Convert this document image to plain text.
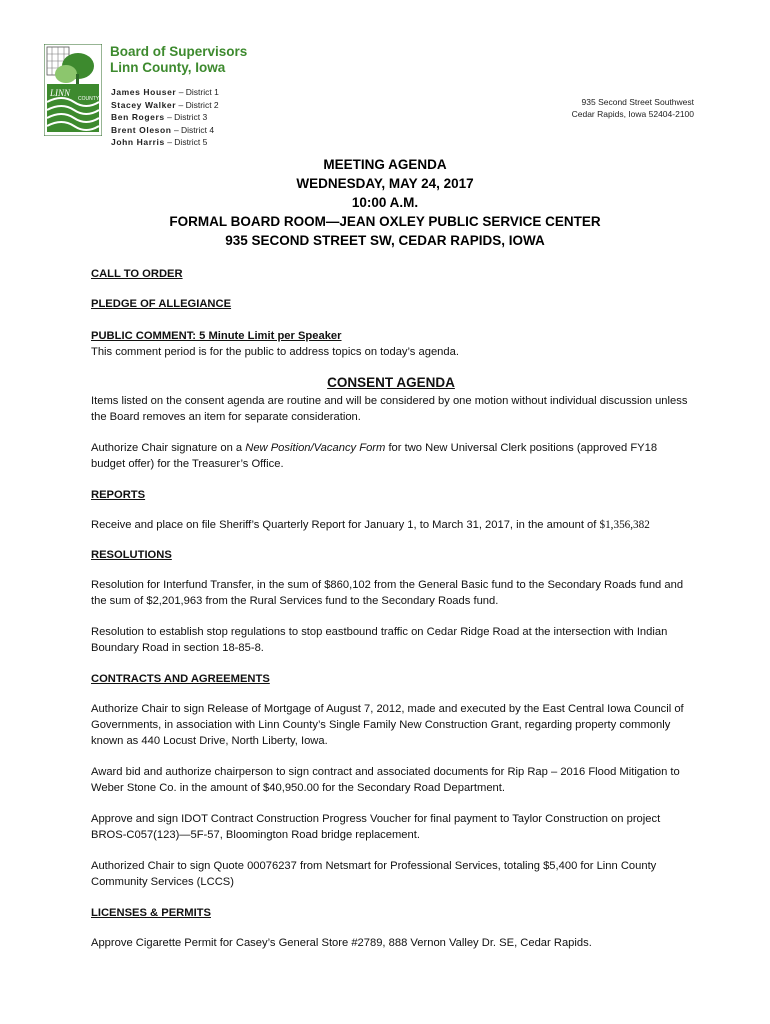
LINN
COUNTY
Board of Supervisors
Linn County, Iowa
James Houser – District 1
Stacey Walker – District 2
Ben Rogers – District 3
Brent Oleson – District 4
John Harris – District 5
935 Second Street Southwest
Cedar Rapids, Iowa 52404-2100
MEETING AGENDA
WEDNESDAY, MAY 24, 2017
10:00 A.M.
FORMAL BOARD ROOM—JEAN OXLEY PUBLIC SERVICE CENTER
935 SECOND STREET SW, CEDAR RAPIDS, IOWA
CALL TO ORDER
PLEDGE OF ALLEGIANCE
PUBLIC COMMENT: 5 Minute Limit per Speaker
This comment period is for the public to address topics on today’s agenda.
CONSENT AGENDA
Items listed on the consent agenda are routine and will be considered by one motion without individual discussion unless the Board removes an item for separate consideration.
Authorize Chair signature on a New Position/Vacancy Form for two New Universal Clerk positions (approved FY18 budget offer) for the Treasurer’s Office.
REPORTS
Receive and place on file Sheriff’s Quarterly Report for January 1, to March 31, 2017, in the amount of $1,356,382
RESOLUTIONS
Resolution for Interfund Transfer, in the sum of $860,102 from the General Basic fund to the Secondary Roads fund and the sum of $2,201,963 from the Rural Services fund to the Secondary Roads fund.
Resolution to establish stop regulations to stop eastbound traffic on Cedar Ridge Road at the intersection with Indian Boundary Road in section 18-85-8.
CONTRACTS AND AGREEMENTS
Authorize Chair to sign Release of Mortgage of August 7, 2012, made and executed by the East Central Iowa Council of Governments, in association with Linn County’s Single Family New Construction Grant, regarding property commonly known as 440 Locust Drive, North Liberty, Iowa.
Award bid and authorize chairperson to sign contract and associated documents for Rip Rap – 2016 Flood Mitigation to Weber Stone Co. in the amount of $40,950.00 for the Secondary Road Department.
Approve and sign IDOT Contract Construction Progress Voucher for final payment to Taylor Construction on project BROS-C057(123)—5F-57, Bloomington Road bridge replacement.
Authorized Chair to sign Quote 00076237 from Netsmart for Professional Services, totaling $5,400 for Linn County Community Services (LCCS)
LICENSES & PERMITS
Approve Cigarette Permit for Casey’s General Store #2789, 888 Vernon Valley Dr. SE, Cedar Rapids.
